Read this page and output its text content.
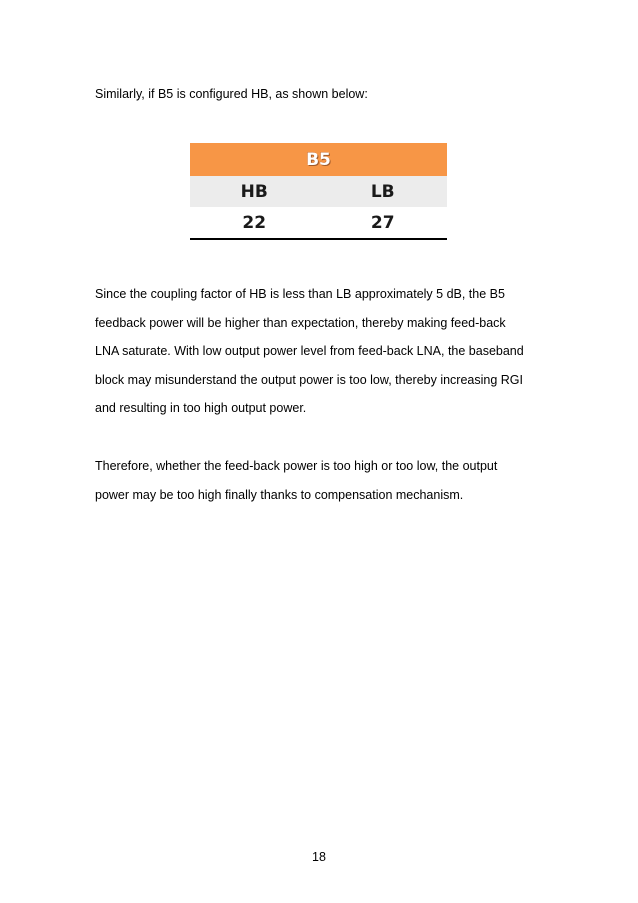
Similarly, if B5 is configured HB, as shown below:
B5
HB	LB
22	27
Since the coupling factor of HB is less than LB approximately 5 dB, the B5
feedback power will be higher than expectation, thereby making feed-back
LNA saturate. With low output power level from feed-back LNA, the baseband
block may misunderstand the output power is too low, thereby increasing RGI
and resulting in too high output power.
Therefore, whether the feed-back power is too high or too low, the output
power may be too high finally thanks to compensation mechanism.
18
